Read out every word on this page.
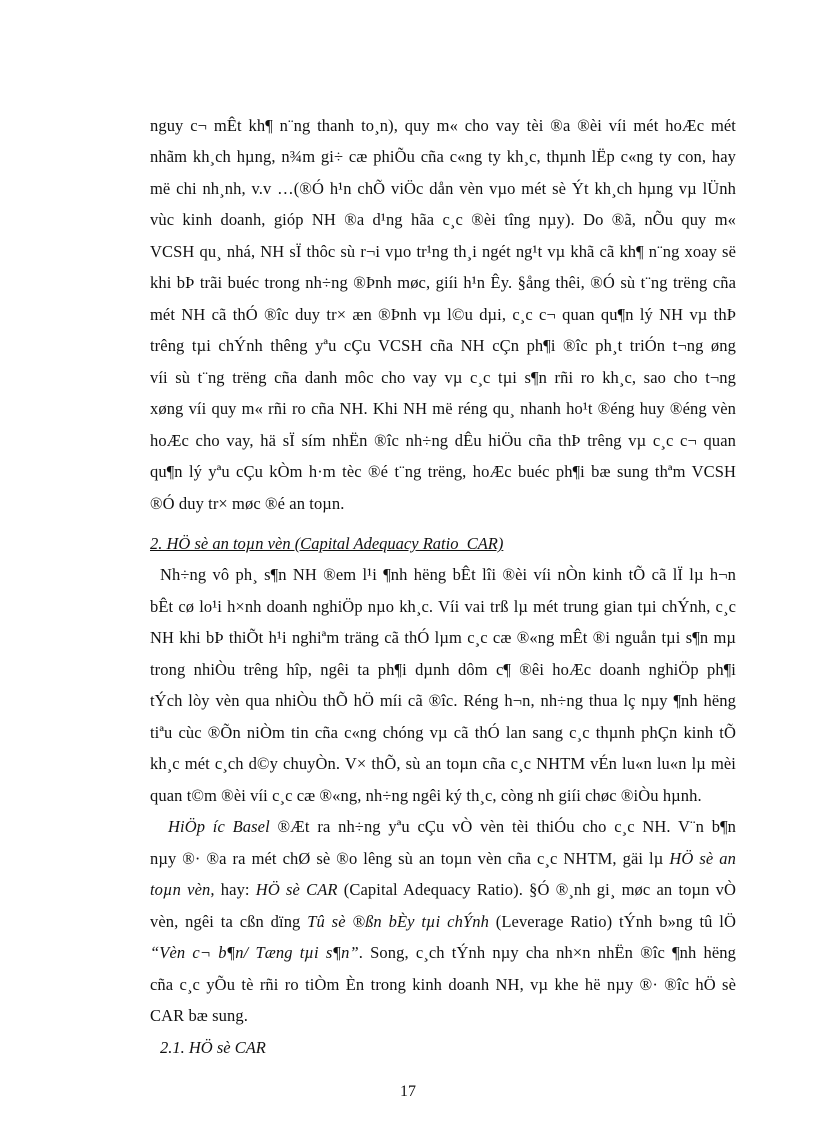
nguy c¬ mÊt kh¶ n¨ng thanh to¸n), quy m« cho vay tèi ®a ®èi víi mét hoÆc mét
nhãm kh¸ch hµng, n¾m gi÷ cæ phiÕu cña c«ng ty kh¸c, thµnh lËp c«ng ty con, hay
më chi nh¸nh, v.v …(®Ó h¹n chÕ viÖc dån vèn vµo mét sè Ýt kh¸ch hµng vµ lÜnh
vùc kinh doanh, gióp NH ®a d¹ng hãa c¸c ®èi tîng nµy). Do ®ã, nÕu quy m«
VCSH qu¸ nhá, NH sÏ thôc sù r¬i vµo tr¹ng th¸i ngét ng¹t vµ khã cã kh¶ n¨ng xoay së
khi bÞ trãi buéc trong nh÷ng ®Þnh møc, giíi h¹n Êy. §ång thêi, ®Ó sù t¨ng trëng cña
mét NH cã thÓ ®îc duy tr× æn ®Þnh vµ l©u dµi, c¸c c¬ quan qu¶n lý NH vµ thÞ
trêng tµi chÝnh thêng yªu cÇu VCSH cña NH cÇn ph¶i ®îc ph¸t triÓn t¬ng øng
víi sù t¨ng trëng cña danh môc cho vay vµ c¸c tµi s¶n rñi ro kh¸c, sao cho t¬ng
xøng víi quy m« rñi ro cña NH. Khi NH më réng qu¸ nhanh ho¹t ®éng huy ®éng vèn
hoÆc cho vay, hä sÏ sím nhËn ®îc nh÷ng dÊu hiÖu cña thÞ trêng vµ c¸c c¬ quan
qu¶n lý yªu cÇu kÒm h·m tèc ®é t¨ng trëng, hoÆc buéc ph¶i bæ sung thªm VCSH
®Ó duy tr× møc ®é an toµn.
2. HÖ sè an toµn vèn (Capital Adequacy Ratio_CAR)
Nh÷ng vô ph¸ s¶n NH ®em l¹i ¶nh hëng bÊt lîi ®èi víi nÒn kinh tÕ cã lÏ lµ h¬n
bÊt cø lo¹i h×nh doanh nghiÖp nµo kh¸c. Víi vai trß lµ mét trung gian tµi chÝnh, c¸c
NH khi bÞ thiÕt h¹i nghiªm träng cã thÓ lµm c¸c cæ ®«ng mÊt ®i nguån tµi s¶n mµ
trong nhiÒu trêng hîp, ngêi ta ph¶i dµnh dôm c¶ ®êi hoÆc doanh nghiÖp ph¶i
tÝch lòy vèn qua nhiÒu thÕ hÖ míi cã ®îc. Réng h¬n, nh÷ng thua lç nµy ¶nh hëng
tiªu cùc ®Õn niÒm tin cña c«ng chóng vµ cã thÓ lan sang c¸c thµnh phÇn kinh tÕ
kh¸c mét c¸ch d©y chuyÒn. V× thÕ, sù an toµn cña c¸c NHTM vÉn lu«n lu«n lµ mèi
quan t©m ®èi víi c¸c cæ ®«ng, nh÷ng ngêi ký th¸c, còng nh giíi chøc ®iÒu hµnh.
HiÖp íc Basel ®Æt ra nh÷ng yªu cÇu vÒ vèn tèi thiÓu cho c¸c NH. V¨n b¶n
nµy ®· ®a ra mét chØ sè ®o lêng sù an toµn vèn cña c¸c NHTM, gäi lµ HÖ sè an
toµn vèn, hay: HÖ sè CAR (Capital Adequacy Ratio). §Ó ®¸nh gi¸ møc an toµn vÒ
vèn, ngêi ta cßn dïng Tû sè ®ßn bÈy tµi chÝnh (Leverage Ratio) tÝnh b»ng tû lÖ
“Vèn c¬ b¶n/ Tæng tµi s¶n”. Song, c¸ch tÝnh nµy cha nh×n nhËn ®îc ¶nh hëng
cña c¸c yÕu tè rñi ro tiÒm Èn trong kinh doanh NH, vµ khe hë nµy ®· ®îc hÖ sè
CAR bæ sung.
2.1. HÖ sè CAR
17
